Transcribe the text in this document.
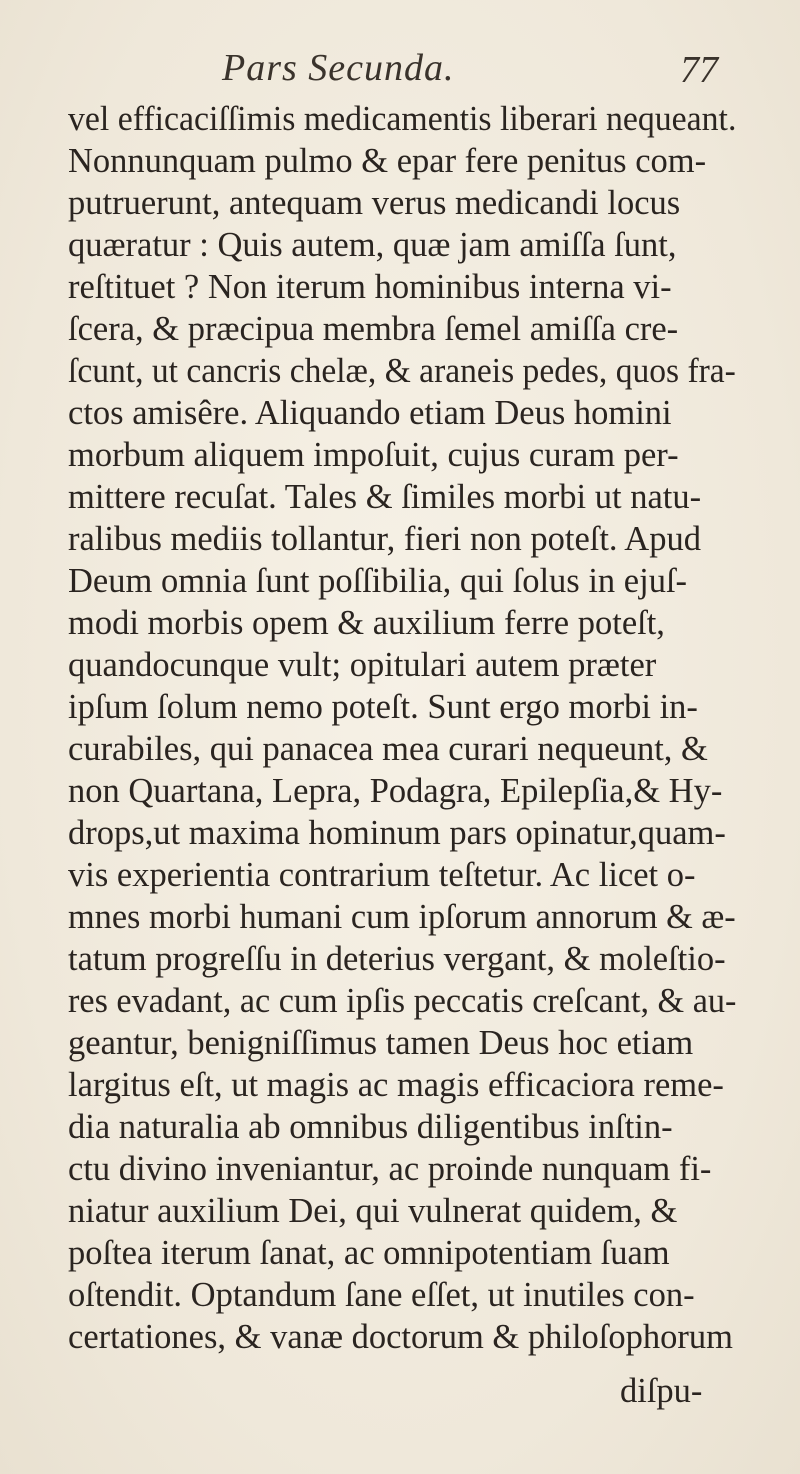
Pars Secunda.	77
vel efficaciſſimis medicamentis liberari nequeant.
Nonnunquam pulmo & epar fere penitus com-
putruerunt, antequam verus medicandi locus
quæratur : Quis autem, quæ jam amiſſa ſunt,
reſtituet ? Non iterum hominibus interna vi-
ſcera, & præcipua membra ſemel amiſſa cre-
ſcunt, ut cancris chelæ, & araneis pedes, quos fra-
ctos amisêre. Aliquando etiam Deus homini
morbum aliquem impoſuit, cujus curam per-
mittere recuſat. Tales & ſimiles morbi ut natu-
ralibus mediis tollantur, fieri non poteſt. Apud
Deum omnia ſunt poſſibilia, qui ſolus in ejuſ-
modi morbis opem & auxilium ferre poteſt,
quandocunque vult; opitulari autem præter
ipſum ſolum nemo poteſt. Sunt ergo morbi in-
curabiles, qui panacea mea curari nequeunt, &
non Quartana, Lepra, Podagra, Epilepſia,& Hy-
drops,ut maxima hominum pars opinatur,quam-
vis experientia contrarium teſtetur. Ac licet o-
mnes morbi humani cum ipſorum annorum & æ-
tatum progreſſu in deterius vergant, & moleſtio-
res evadant, ac cum ipſis peccatis creſcant, & au-
geantur, benigniſſimus tamen Deus hoc etiam
largitus eſt, ut magis ac magis efficaciora reme-
dia naturalia ab omnibus diligentibus inſtin-
ctu divino inveniantur, ac proinde nunquam fi-
niatur auxilium Dei, qui vulnerat quidem, &
poſtea iterum ſanat, ac omnipotentiam ſuam
oſtendit. Optandum ſane eſſet, ut inutiles con-
certationes, & vanæ doctorum & philoſophorum
diſpu-
